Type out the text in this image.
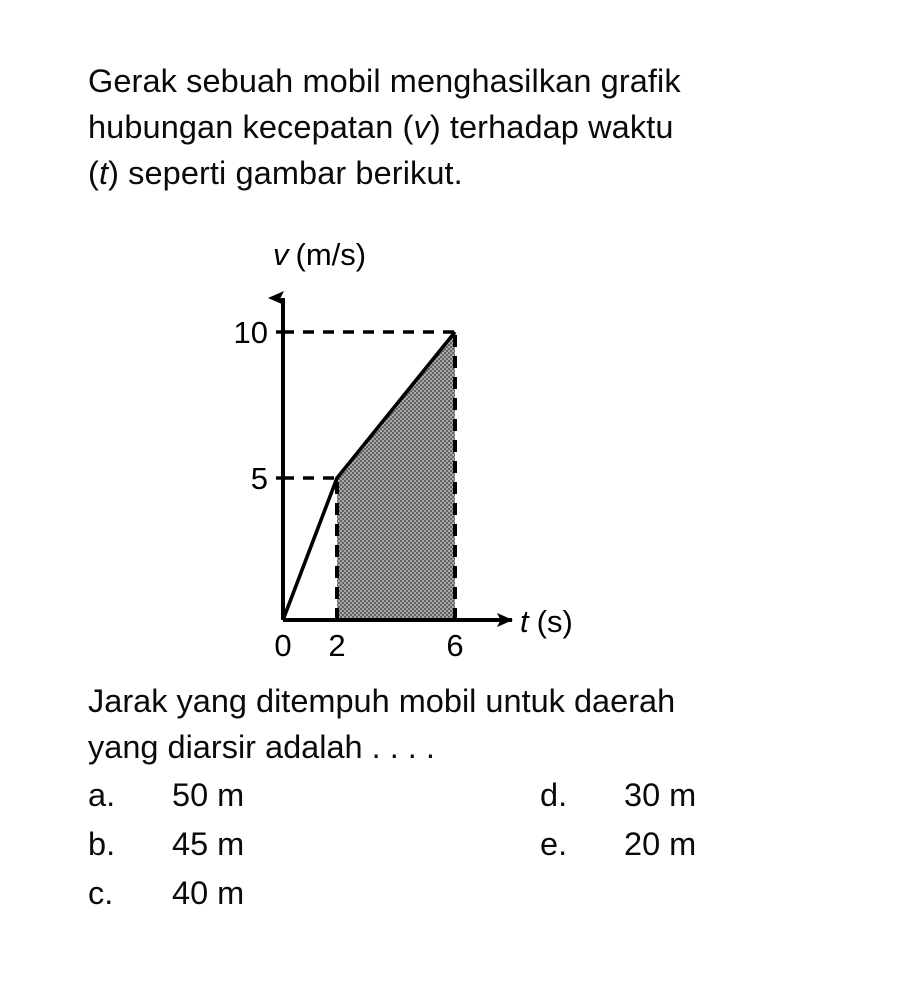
Gerak sebuah mobil menghasilkan grafik
hubungan kecepatan (v) terhadap waktu
(t) seperti gambar berikut.
v (m/s)
t (s)
10
5
0 2	6
Jarak yang ditempuh mobil untuk daerah
yang diarsir adalah . . . .
a. 50 m
b. 45 m
c. 40 m
d. 30 m
e. 20 m
